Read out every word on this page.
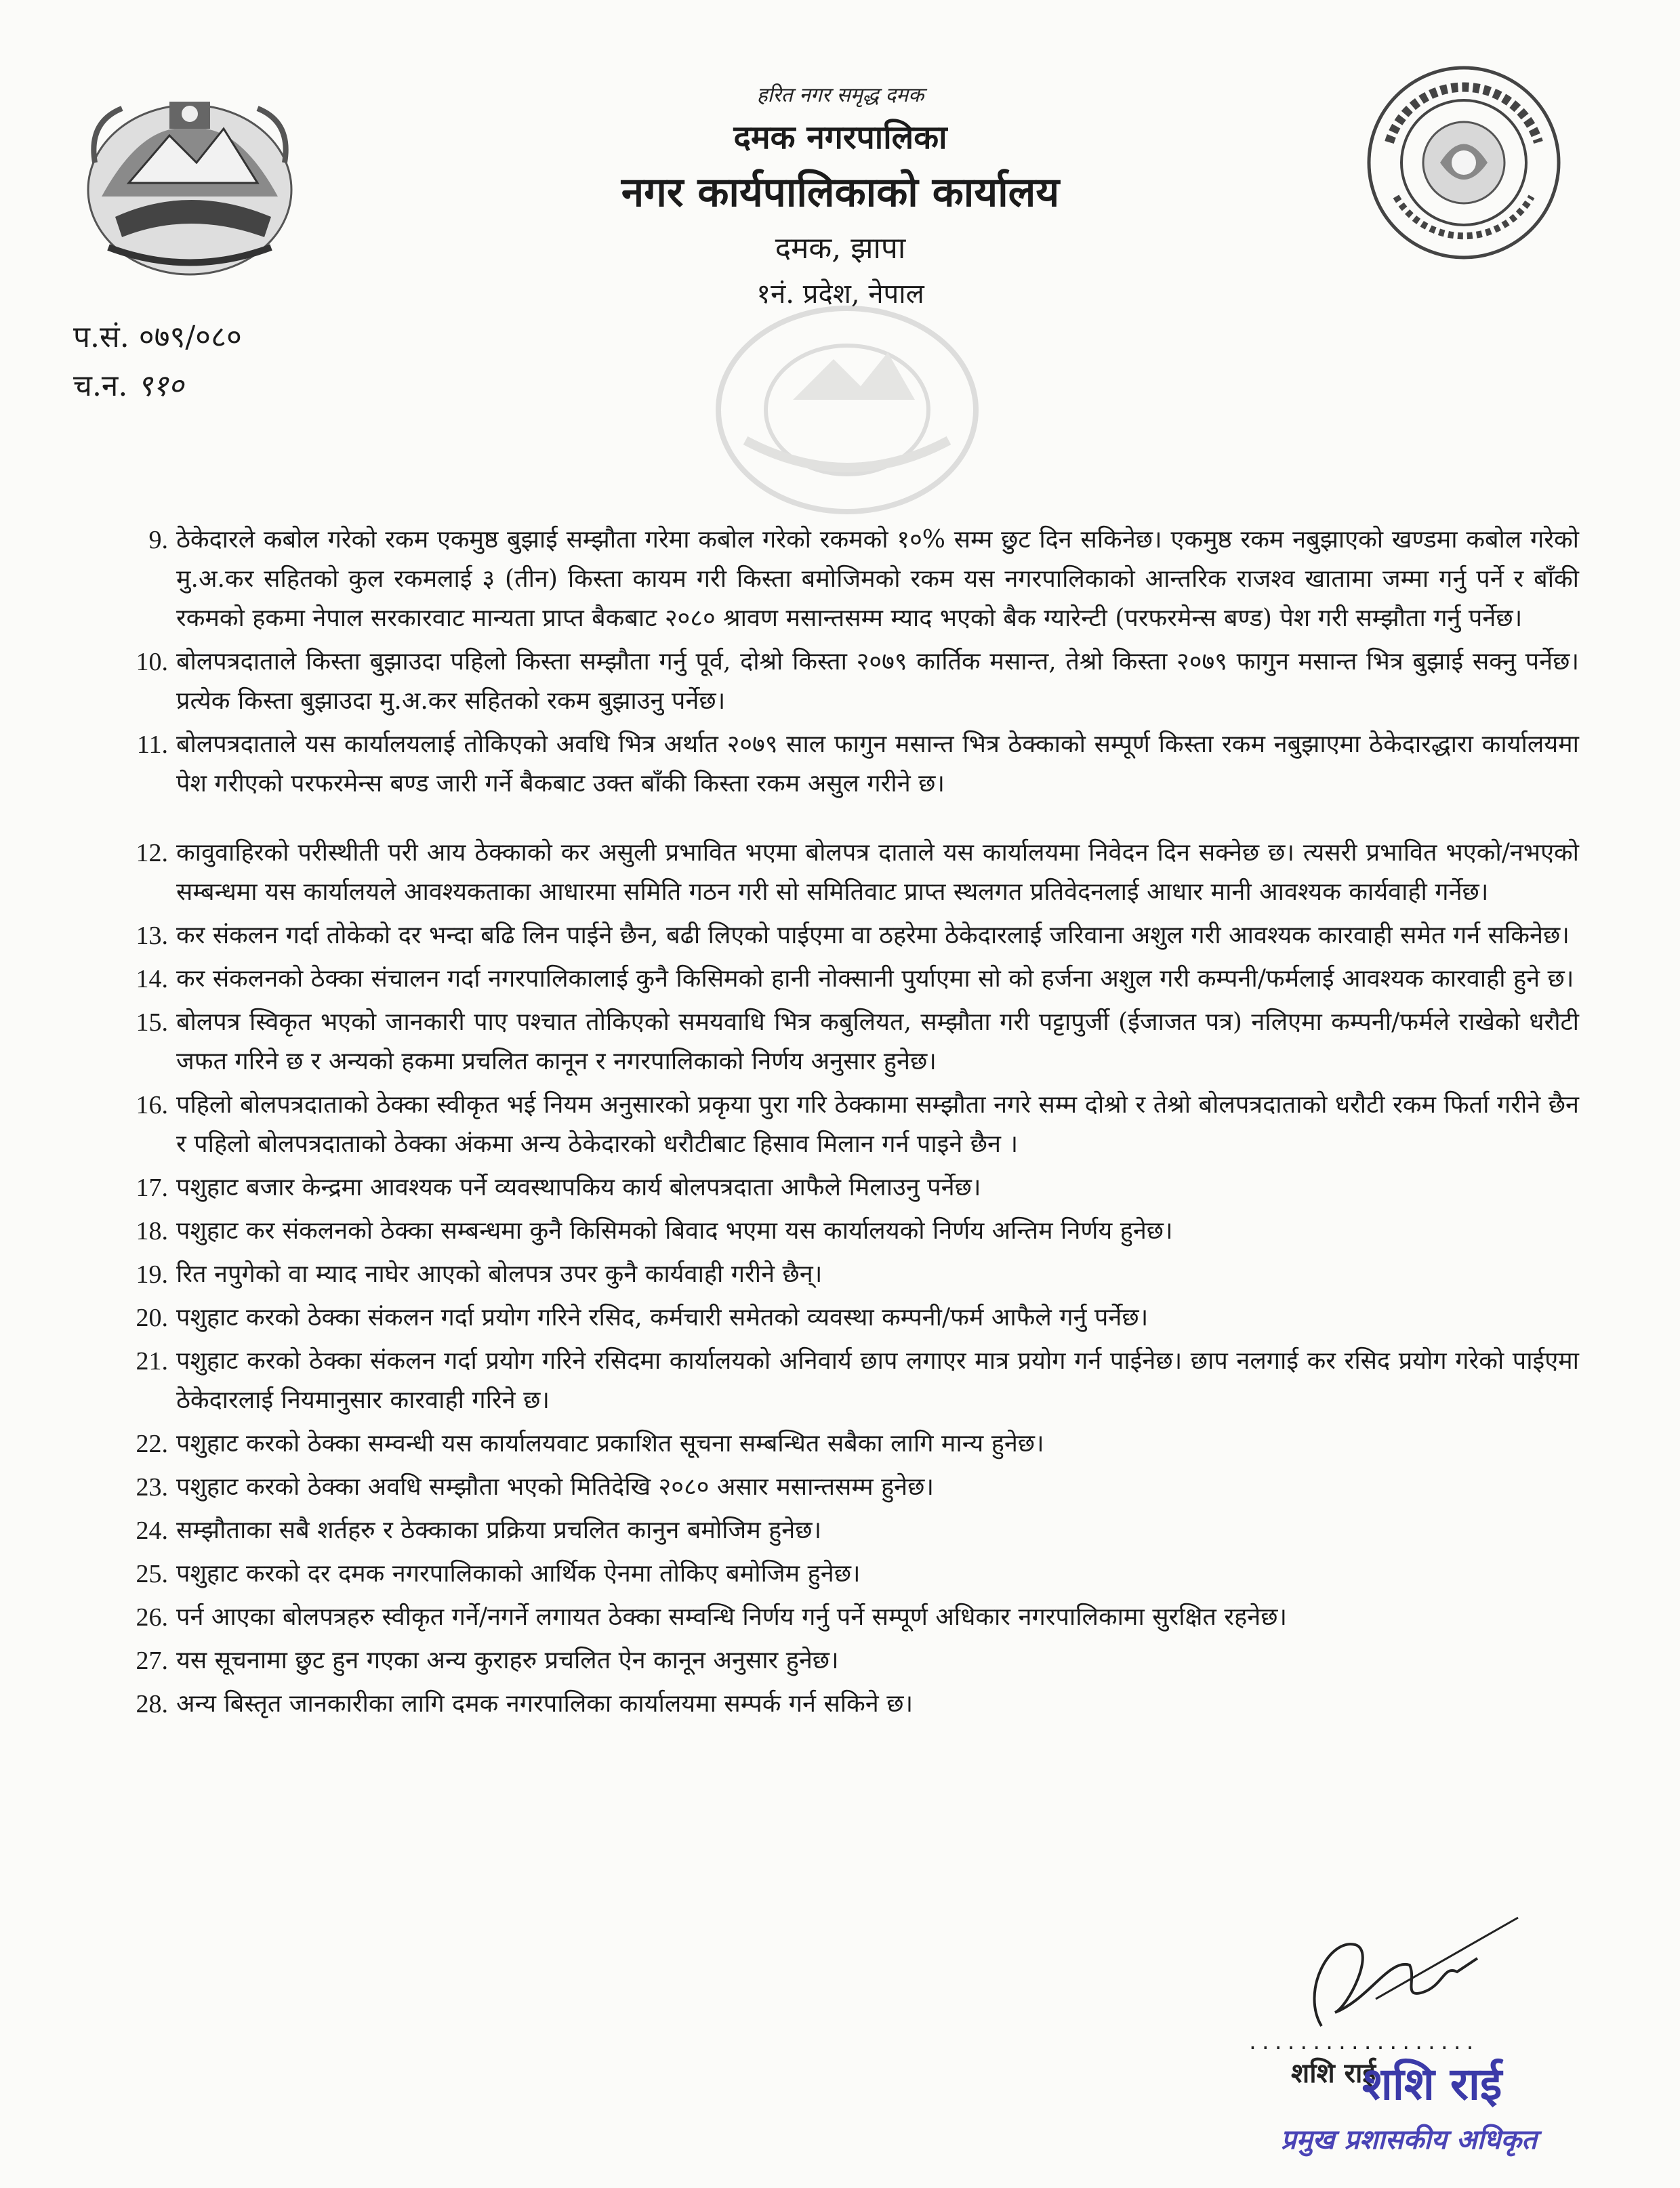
हरित नगर समृद्ध दमक

दमक नगरपालिका

नगर कार्यपालिकाको कार्यालय

दमक, झापा

१नं. प्रदेश, नेपाल

प.सं. ०७९/०८०
च.न. ९१०
9. ठेकेदारले कबोल गरेको रकम एकमुष्ठ बुझाई सम्झौता गरेमा कबोल गरेको रकमको १०% सम्म छुट दिन सकिनेछ। एकमुष्ठ रकम नबुझाएको खण्डमा कबोल गरेको मु.अ.कर सहितको कुल रकमलाई ३ (तीन) किस्ता कायम गरी किस्ता बमोजिमको रकम यस नगरपालिकाको आन्तरिक राजश्व खातामा जम्मा गर्नु पर्ने र बाँकी रकमको हकमा नेपाल सरकारवाट मान्यता प्राप्त बैकबाट २०८० श्रावण मसान्तसम्म म्याद भएको बैक ग्यारेन्टी (परफरमेन्स बण्ड) पेश गरी सम्झौता गर्नु पर्नेछ।
10. बोलपत्रदाताले किस्ता बुझाउदा पहिलो किस्ता सम्झौता गर्नु पूर्व, दोश्रो किस्ता २०७९ कार्तिक मसान्त, तेश्रो किस्ता २०७९ फागुन मसान्त भित्र बुझाई सक्नु पर्नेछ। प्रत्येक किस्ता बुझाउदा मु.अ.कर सहितको रकम बुझाउनु पर्नेछ।
11. बोलपत्रदाताले यस कार्यालयलाई तोकिएको अवधि भित्र अर्थात २०७९ साल फागुन मसान्त भित्र ठेक्काको सम्पूर्ण किस्ता रकम नबुझाएमा ठेकेदारद्धारा कार्यालयमा पेश गरीएको परफरमेन्स बण्ड जारी गर्ने बैकबाट उक्त बाँकी किस्ता रकम असुल गरीने छ।
12. कावुवाहिरको परीस्थीती परी आय ठेक्काको कर असुली प्रभावित भएमा बोलपत्र दाताले यस कार्यालयमा निवेदन दिन सक्नेछ छ। त्यसरी प्रभावित भएको/नभएको सम्बन्धमा यस कार्यालयले आवश्यकताका आधारमा समिति गठन गरी सो समितिवाट प्राप्त स्थलगत प्रतिवेदनलाई आधार मानी आवश्यक कार्यवाही गर्नेछ।
13. कर संकलन गर्दा तोकेको दर भन्दा बढि लिन पाईने छैन, बढी लिएको पाईएमा वा ठहरेमा ठेकेदारलाई जरिवाना अशुल गरी आवश्यक कारवाही समेत गर्न सकिनेछ।
14. कर संकलनको ठेक्का संचालन गर्दा नगरपालिकालाई कुनै किसिमको हानी नोक्सानी पुर्याएमा सो को हर्जना अशुल गरी कम्पनी/फर्मलाई आवश्यक कारवाही हुने छ।
15. बोलपत्र स्विकृत भएको जानकारी पाए पश्चात तोकिएको समयवाधि भित्र कबुलियत, सम्झौता गरी पट्टापुर्जी (ईजाजत पत्र) नलिएमा कम्पनी/फर्मले राखेको धरौटी जफत गरिने छ र अन्यको हकमा प्रचलित कानून र नगरपालिकाको निर्णय अनुसार हुनेछ।
16. पहिलो बोलपत्रदाताको ठेक्का स्वीकृत भई नियम अनुसारको प्रकृया पुरा गरि ठेक्कामा सम्झौता नगरे सम्म दोश्रो र तेश्रो बोलपत्रदाताको धरौटी रकम फिर्ता गरीने छैन र पहिलो बोलपत्रदाताको ठेक्का अंकमा अन्य ठेकेदारको धरौटीबाट हिसाव मिलान गर्न पाइने छैन ।
17. पशुहाट बजार केन्द्रमा आवश्यक पर्ने व्यवस्थापकिय कार्य बोलपत्रदाता आफैले मिलाउनु पर्नेछ।
18. पशुहाट कर संकलनको ठेक्का सम्बन्धमा कुनै किसिमको बिवाद भएमा यस कार्यालयको निर्णय अन्तिम निर्णय हुनेछ।
19. रित नपुगेको वा म्याद नाघेर आएको बोलपत्र उपर कुनै कार्यवाही गरीने छैन्।
20. पशुहाट करको ठेक्का संकलन गर्दा प्रयोग गरिने रसिद, कर्मचारी समेतको व्यवस्था कम्पनी/फर्म आफैले गर्नु पर्नेछ।
21. पशुहाट करको ठेक्का संकलन गर्दा प्रयोग गरिने रसिदमा कार्यालयको अनिवार्य छाप लगाएर मात्र प्रयोग गर्न पाईनेछ। छाप नलगाई कर रसिद प्रयोग गरेको पाईएमा ठेकेदारलाई नियमानुसार कारवाही गरिने छ।
22. पशुहाट करको ठेक्का सम्वन्धी यस कार्यालयवाट प्रकाशित सूचना सम्बन्धित सबैका लागि मान्य हुनेछ।
23. पशुहाट करको ठेक्का अवधि सम्झौता भएको मितिदेखि २०८० असार मसान्तसम्म हुनेछ।
24. सम्झौताका सबै शर्तहरु र ठेक्काका प्रक्रिया प्रचलित कानुन बमोजिम हुनेछ।
25. पशुहाट करको दर दमक नगरपालिकाको आर्थिक ऐनमा तोकिए बमोजिम हुनेछ।
26. पर्न आएका बोलपत्रहरु स्वीकृत गर्ने/नगर्ने लगायत ठेक्का सम्वन्धि निर्णय गर्नु पर्ने सम्पूर्ण अधिकार नगरपालिकामा सुरक्षित रहनेछ।
27. यस सूचनामा छुट हुन गएका अन्य कुराहरु प्रचलित ऐन कानून अनुसार हुनेछ।
28. अन्य बिस्तृत जानकारीका लागि दमक नगरपालिका कार्यालयमा सम्पर्क गर्न सकिने छ।
..................
शशि राई
शशि राई
प्रमुख प्रशासकीय अधिकृत
